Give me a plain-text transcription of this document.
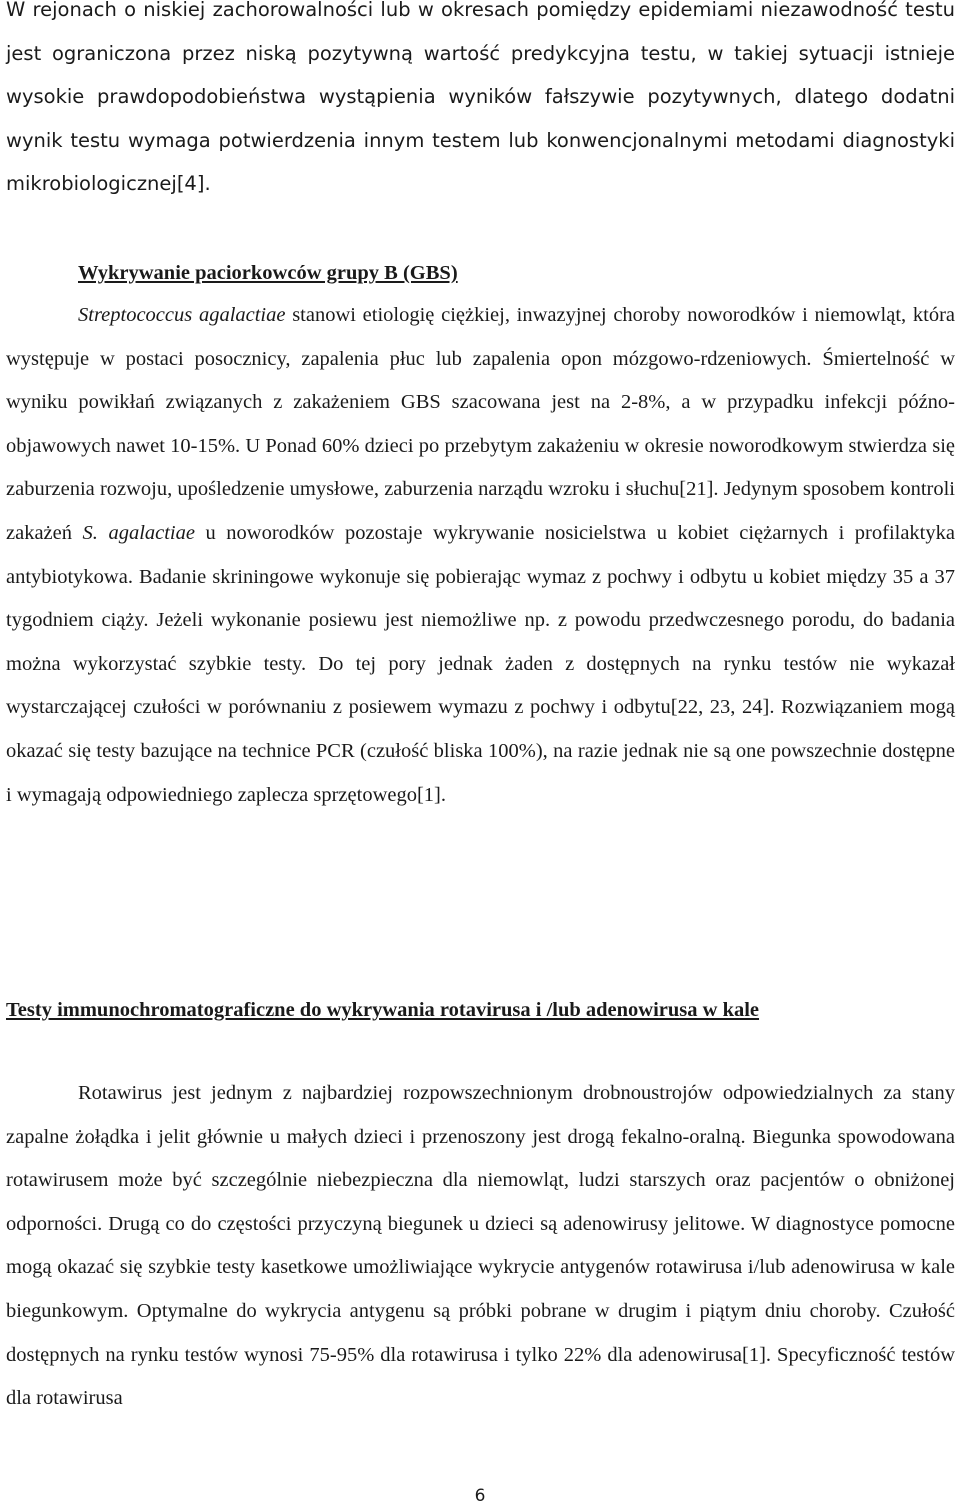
W rejonach o niskiej zachorowalności lub w okresach pomiędzy epidemiami niezawodność testu jest ograniczona przez niską pozytywną wartość predykcyjna testu, w takiej sytuacji istnieje wysokie prawdopodobieństwa wystąpienia wyników fałszywie pozytywnych, dlatego dodatni wynik testu wymaga potwierdzenia innym testem lub konwencjonalnymi metodami diagnostyki mikrobiologicznej[4].

Wykrywanie paciorkowców grupy B (GBS)

Streptococcus agalactiae stanowi etiologię ciężkiej, inwazyjnej choroby noworodków i niemowląt, która występuje w postaci posocznicy, zapalenia płuc lub zapalenia opon mózgowo-rdzeniowych. Śmiertelność w wyniku powikłań związanych z zakażeniem GBS szacowana jest na 2-8%, a w przypadku infekcji późno-objawowych nawet 10-15%. U Ponad 60% dzieci po przebytym zakażeniu w okresie noworodkowym stwierdza się zaburzenia rozwoju, upośledzenie umysłowe, zaburzenia narządu wzroku i słuchu[21]. Jedynym sposobem kontroli zakażeń S. agalactiae u noworodków pozostaje wykrywanie nosicielstwa u kobiet ciężarnych i profilaktyka antybiotykowa. Badanie skriningowe wykonuje się pobierając wymaz z pochwy i odbytu u kobiet między 35 a 37 tygodniem ciąży. Jeżeli wykonanie posiewu jest niemożliwe np. z powodu przedwczesnego porodu, do badania można wykorzystać szybkie testy. Do tej pory jednak żaden z dostępnych na rynku testów nie wykazał wystarczającej czułości w porównaniu z posiewem wymazu z pochwy i odbytu[22, 23, 24]. Rozwiązaniem mogą okazać się testy bazujące na technice PCR (czułość bliska 100%), na razie jednak nie są one powszechnie dostępne i wymagają odpowiedniego zaplecza sprzętowego[1].

Testy immunochromatograficzne do wykrywania rotavirusa i /lub adenowirusa w kale

Rotawirus jest jednym z najbardziej rozpowszechnionym drobnoustrojów odpowiedzialnych za stany zapalne żołądka i jelit głównie u małych dzieci i przenoszony jest drogą fekalno-oralną. Biegunka spowodowana rotawirusem może być szczególnie niebezpieczna dla niemowląt, ludzi starszych oraz pacjentów o obniżonej odporności. Drugą co do częstości przyczyną biegunek u dzieci są adenowirusy jelitowe. W diagnostyce pomocne mogą okazać się szybkie testy kasetkowe umożliwiające wykrycie antygenów rotawirusa i/lub adenowirusa w kale biegunkowym. Optymalne do wykrycia antygenu są próbki pobrane w drugim i piątym dniu choroby. Czułość dostępnych na rynku testów wynosi 75-95% dla rotawirusa i tylko 22% dla adenowirusa[1]. Specyficzność testów dla rotawirusa

6
